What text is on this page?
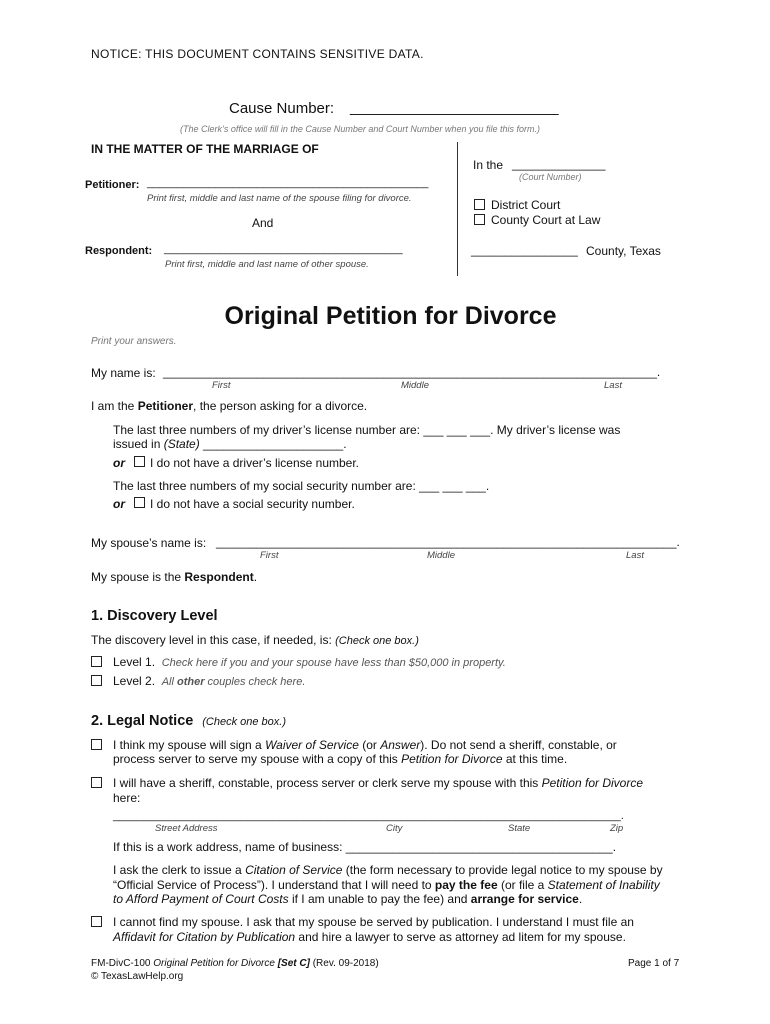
NOTICE: THIS DOCUMENT CONTAINS SENSITIVE DATA.
Cause Number: _________________________
(The Clerk’s office will fill in the Cause Number and Court Number when you file this form.)
IN THE MATTER OF THE MARRIAGE OF
Petitioner: ______________________________________________
Print first, middle and last name of the spouse filing for divorce.
And
Respondent: _______________________________________
Print first, middle and last name of other spouse.
In the ______________
(Court Number)
District Court
County Court at Law
________________ County, Texas
Original Petition for Divorce
Print your answers.
My name is: __________________________________________________________________________.
First	Middle	Last
I am the Petitioner, the person asking for a divorce.
The last three numbers of my driver’s license number are: ___ ___ ___. My driver’s license was
issued in (State) _____________________.
or I do not have a driver’s license number.
The last three numbers of my social security number are: ___ ___ ___.
or I do not have a social security number.
My spouse’s name is: _____________________________________________________________________.
First	Middle	Last
My spouse is the Respondent.
1. Discovery Level
The discovery level in this case, if needed, is: (Check one box.)
Level 1. Check here if you and your spouse have less than $50,000 in property.
Level 2. All other couples check here.
2. Legal Notice (Check one box.)
I think my spouse will sign a Waiver of Service (or Answer). Do not send a sheriff, constable, or
process server to serve my spouse with a copy of this Petition for Divorce at this time.
I will have a sheriff, constable, process server or clerk serve my spouse with this Petition for Divorce
here:
___________________________________________________________________________________.
Street Address	City	State	Zip
If this is a work address, name of business: ________________________________________.
I ask the clerk to issue a Citation of Service (the form necessary to provide legal notice to my spouse by
“Official Service of Process”). I understand that I will need to pay the fee (or file a Statement of Inability
to Afford Payment of Court Costs if I am unable to pay the fee) and arrange for service.
I cannot find my spouse. I ask that my spouse be served by publication. I understand I must file an
Affidavit for Citation by Publication and hire a lawyer to serve as attorney ad litem for my spouse.
FM-DivC-100 Original Petition for Divorce [Set C] (Rev. 09-2018)
© TexasLawHelp.org
Page 1 of 7
